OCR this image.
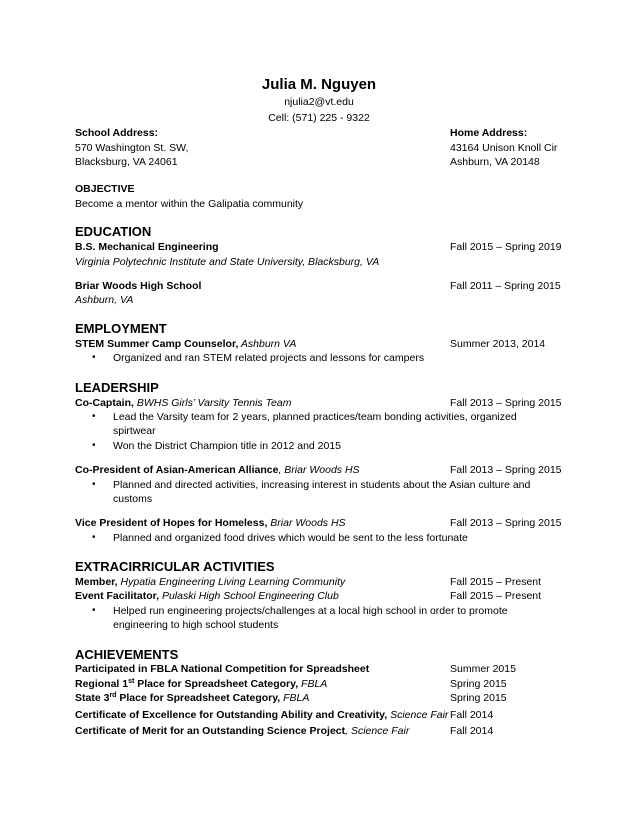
Julia M. Nguyen
njulia2@vt.edu
Cell: (571) 225 - 9322
School Address:
570 Washington St. SW,
Blacksburg, VA 24061
Home Address:
43164 Unison Knoll Cir
Ashburn, VA 20148
OBJECTIVE
Become a mentor within the Galipatia community
EDUCATION
B.S. Mechanical Engineering	Fall 2015 – Spring 2019
Virginia Polytechnic Institute and State University, Blacksburg, VA
Briar Woods High School	Fall 2011 – Spring 2015
Ashburn, VA
EMPLOYMENT
STEM Summer Camp Counselor, Ashburn VA	Summer 2013, 2014
• Organized and ran STEM related projects and lessons for campers
LEADERSHIP
Co-Captain, BWHS Girls’ Varsity Tennis Team	Fall 2013 – Spring 2015
• Lead the Varsity team for 2 years, planned practices/team bonding activities, organized
spirtwear
• Won the District Champion title in 2012 and 2015
Co-President of Asian-American Alliance, Briar Woods HS	Fall 2013 – Spring 2015
• Planned and directed activities, increasing interest in students about the Asian culture and
customs
Vice President of Hopes for Homeless, Briar Woods HS	Fall 2013 – Spring 2015
• Planned and organized food drives which would be sent to the less fortunate
EXTRACIRRICULAR ACTIVITIES
Member, Hypatia Engineering Living Learning Community	Fall 2015 – Present
Event Facilitator, Pulaski High School Engineering Club	Fall 2015 – Present
• Helped run engineering projects/challenges at a local high school in order to promote
engineering to high school students
ACHIEVEMENTS
Participated in FBLA National Competition for Spreadsheet	Summer 2015
Regional 1st Place for Spreadsheet Category, FBLA	Spring 2015
State 3rd Place for Spreadsheet Category, FBLA	Spring 2015
Certificate of Excellence for Outstanding Ability and Creativity, Science Fair Fall 2014
Certificate of Merit for an Outstanding Science Project, Science Fair	Fall 2014
